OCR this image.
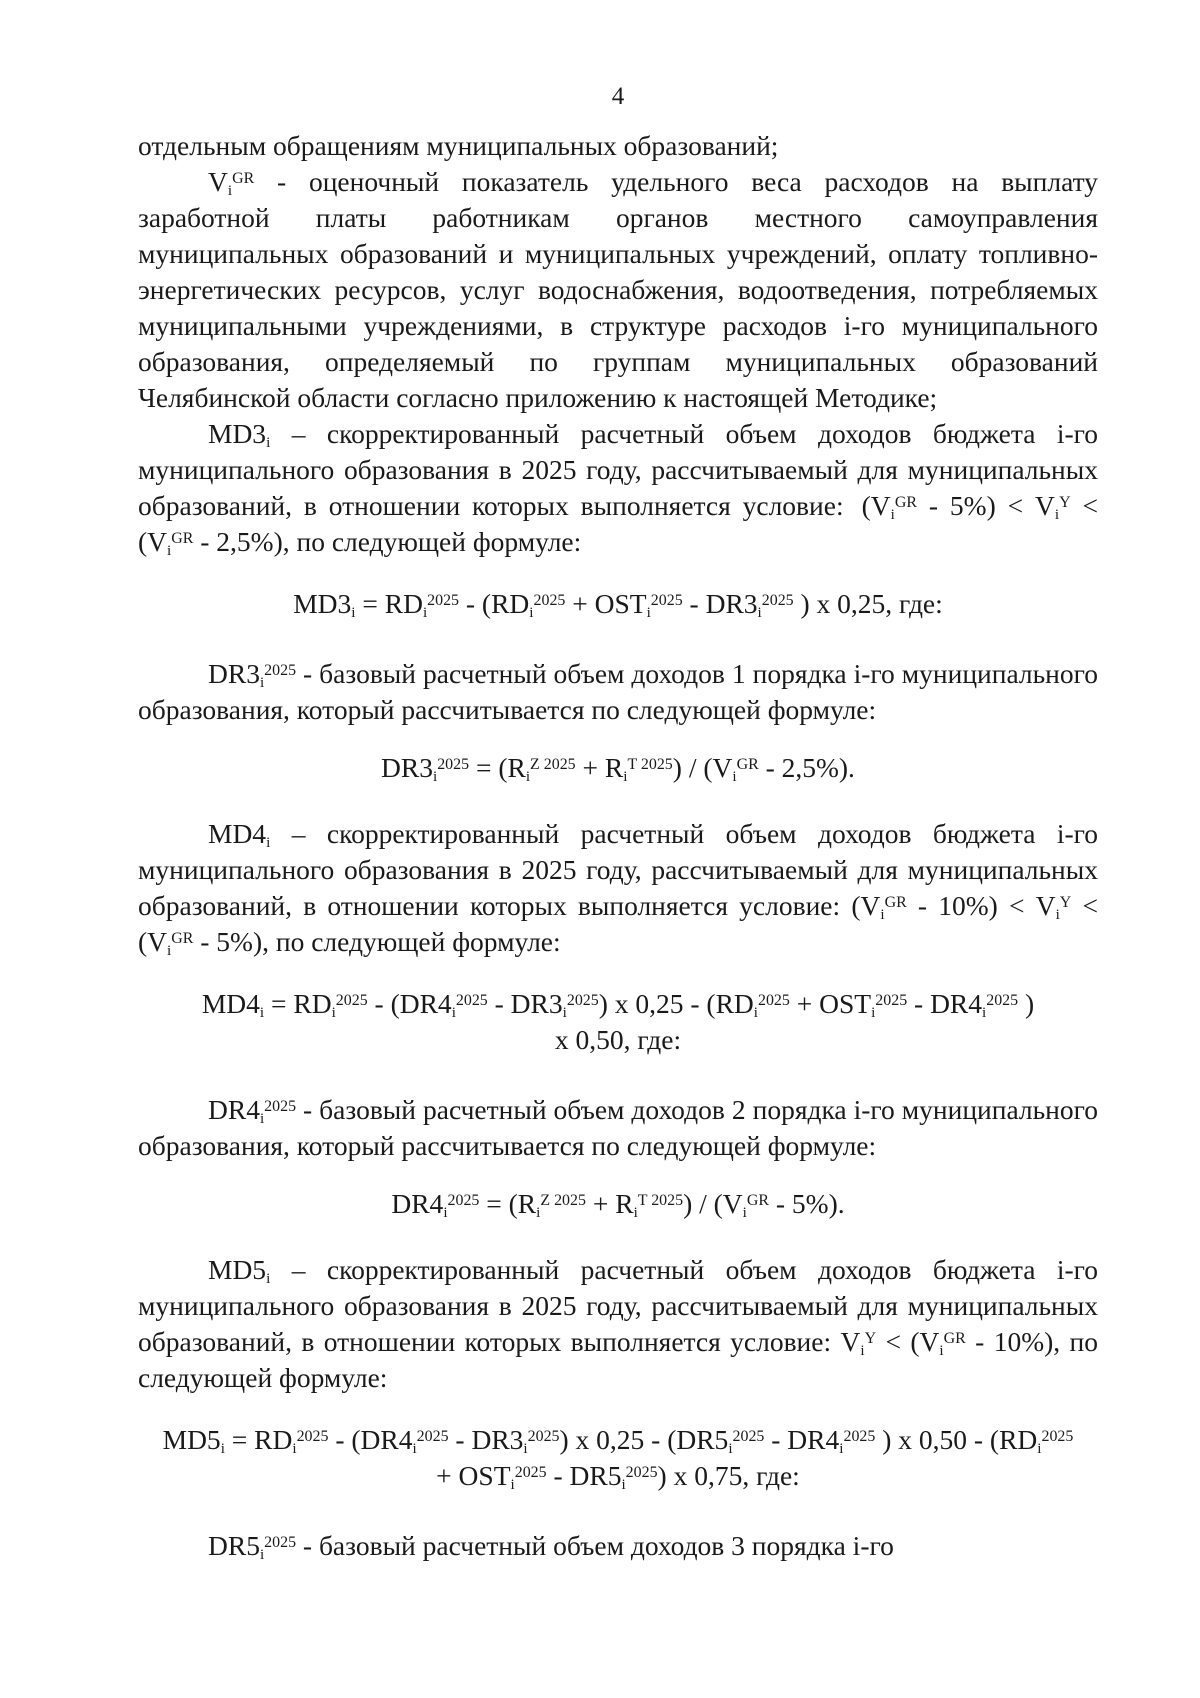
4

отдельным обращениям муниципальных образований;

$V_i^{GR}$ - оценочный показатель удельного веса расходов на выплату заработной платы работникам органов местного самоуправления муниципальных образований и муниципальных учреждений, оплату топливно-энергетических ресурсов, услуг водоснабжения, водоотведения, потребляемых муниципальными учреждениями, в структуре расходов i-го муниципального образования, определяемый по группам муниципальных образований Челябинской области согласно приложению к настоящей Методике;

$MD3_i$ – скорректированный расчетный объем доходов бюджета i-го муниципального образования в 2025 году, рассчитываемый для муниципальных образований, в отношении которых выполняется условие: $(V_i^{GR} - 5\%) < V_i^Y < (V_i^{GR} - 2,5\%)$, по следующей формуле:

$MD3_i = RD_i^{2025} - (RD_i^{2025} + OST_i^{2025} - DR3_i^{2025}$ ) х 0,25, где:

$DR3_i^{2025}$ - базовый расчетный объем доходов 1 порядка i-го муниципального образования, который рассчитывается по следующей формуле:

$DR3_i^{2025} = (R_i^{Z 2025} + R_i^{T 2025}) / (V_i^{GR} - 2,5\%)$.

$MD4_i$ – скорректированный расчетный объем доходов бюджета i-го муниципального образования в 2025 году, рассчитываемый для муниципальных образований, в отношении которых выполняется условие: $(V_i^{GR} - 10\%) < V_i^Y < (V_i^{GR} - 5\%)$, по следующей формуле:

$MD4_i = RD_i^{2025} - (DR4_i^{2025} - DR3_i^{2025})$ х $0,25 - (RD_i^{2025} + OST_i^{2025} - DR4_i^{2025}$ )
х 0,50, где:

$DR4_i^{2025}$ - базовый расчетный объем доходов 2 порядка i-го муниципального образования, который рассчитывается по следующей формуле:

$DR4_i^{2025} = (R_i^{Z 2025} + R_i^{T 2025}) / (V_i^{GR} - 5\%)$.

$MD5_i$ – скорректированный расчетный объем доходов бюджета i-го муниципального образования в 2025 году, рассчитываемый для муниципальных образований, в отношении которых выполняется условие: $V_i^Y < (V_i^{GR} - 10\%)$, по следующей формуле:

$MD5_i = RD_i^{2025} - (DR4_i^{2025} - DR3_i^{2025})$ х $0,25 - (DR5_i^{2025} - DR4_i^{2025}$ ) х $0,50 - (RD_i^{2025}$
+ $OST_i^{2025} - DR5_i^{2025}$) х 0,75, где:

$DR5_i^{2025}$ - базовый расчетный объем доходов 3 порядка i-го
